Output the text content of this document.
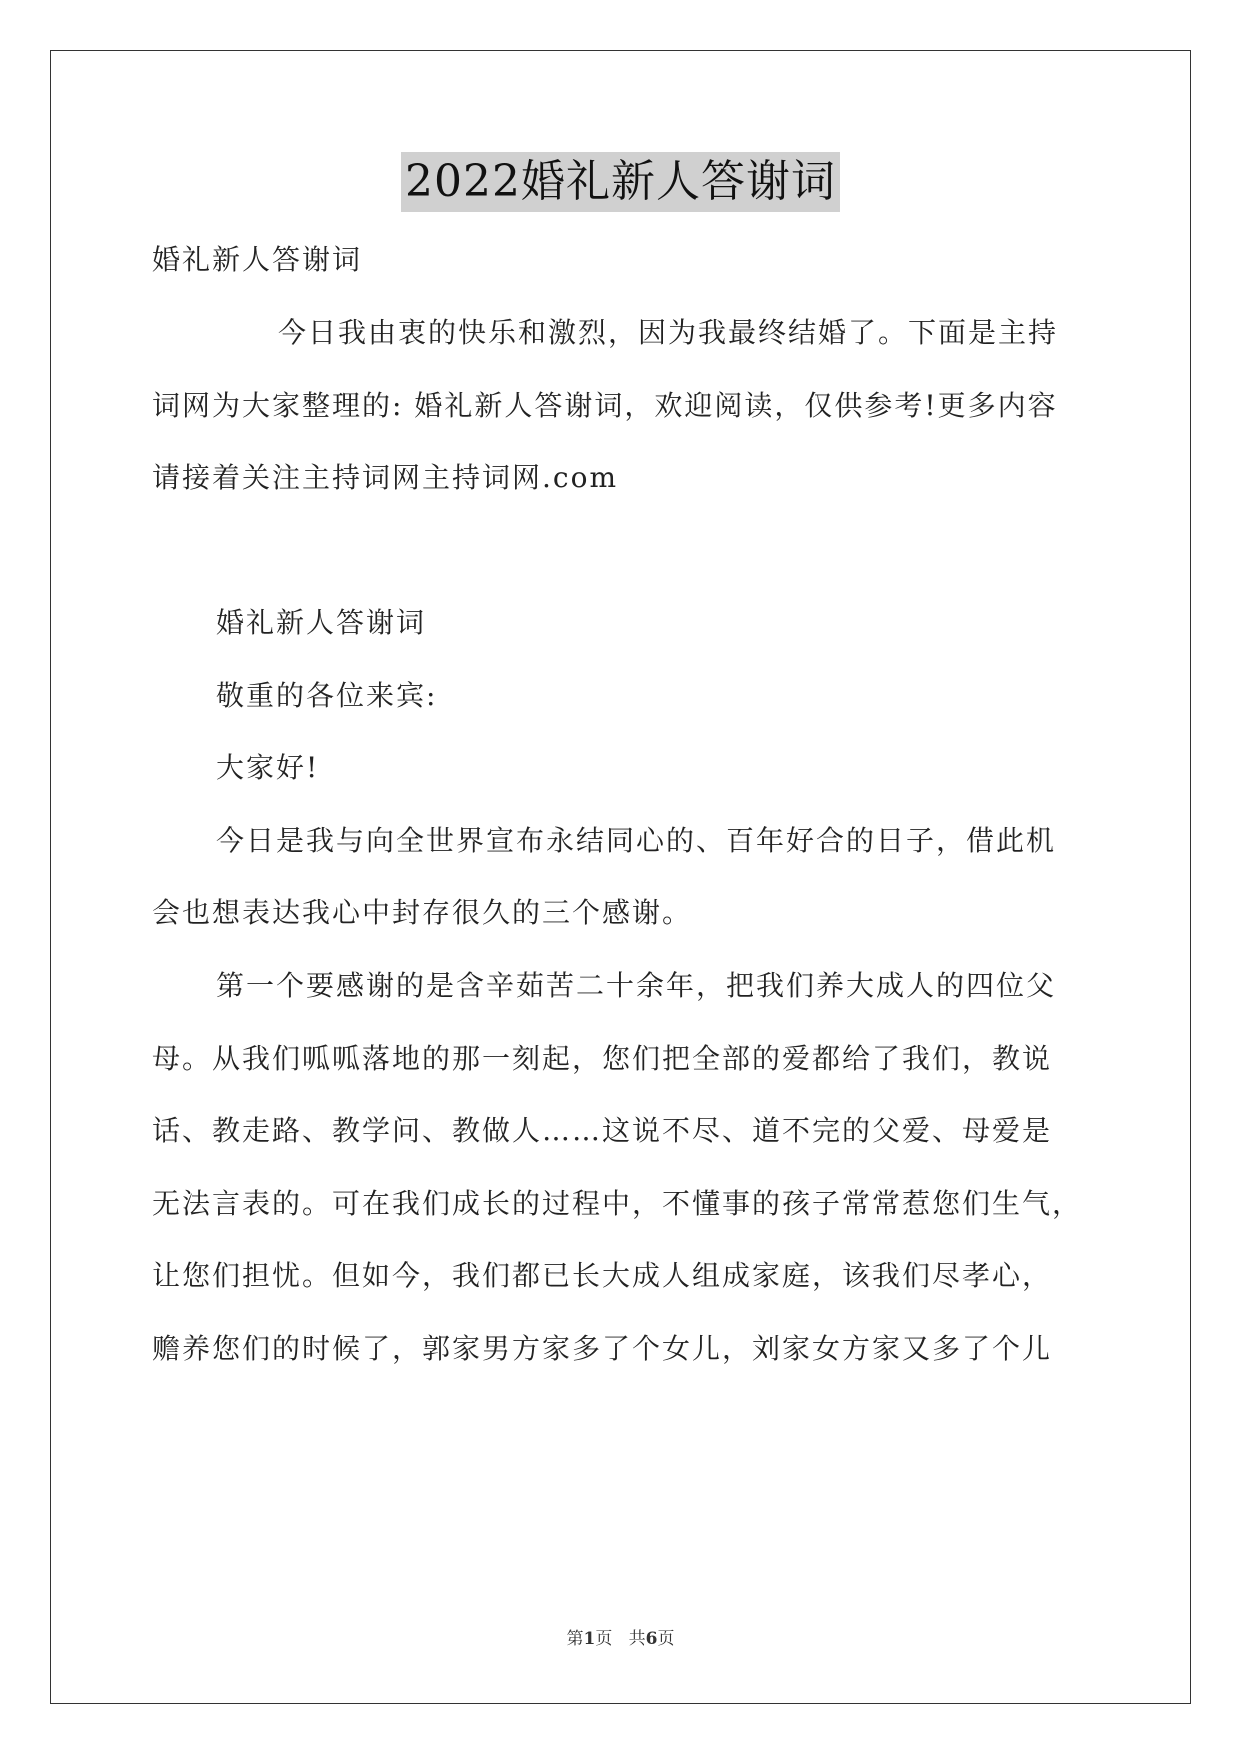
2022婚礼新人答谢词
婚礼新人答谢词
今日我由衷的快乐和激烈，因为我最终结婚了。下面是主持
词网为大家整理的: 婚礼新人答谢词，欢迎阅读，仅供参考!更多内容
请接着关注主持词网主持词网.com
婚礼新人答谢词
敬重的各位来宾:
大家好!
今日是我与向全世界宣布永结同心的、百年好合的日子，借此机
会也想表达我心中封存很久的三个感谢。
第一个要感谢的是含辛茹苦二十余年，把我们养大成人的四位父
母。从我们呱呱落地的那一刻起，您们把全部的爱都给了我们，教说
话、教走路、教学问、教做人……这说不尽、道不完的父爱、母爱是
无法言表的。可在我们成长的过程中，不懂事的孩子常常惹您们生气，
让您们担忧。但如今，我们都已长大成人组成家庭，该我们尽孝心，
赡养您们的时候了，郭家男方家多了个女儿，刘家女方家又多了个儿
第1页   共6页
